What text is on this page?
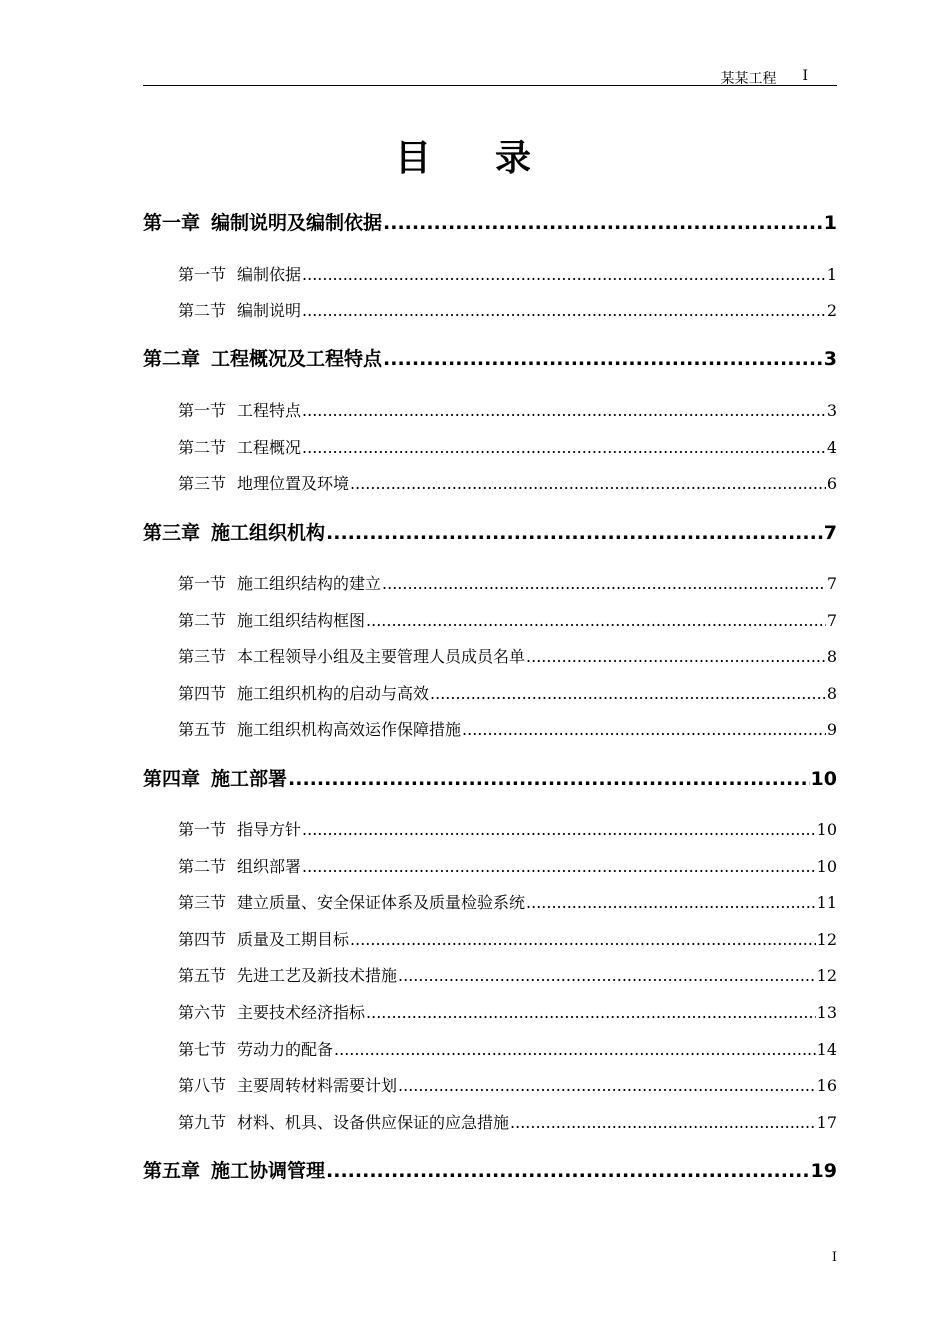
某某工程 I
目录
第一章 编制说明及编制依据 .....	1
第一节 编制依据 .....	1
第二节 编制说明 .....	2
第二章 工程概况及工程特点 .....	3
第一节 工程特点 .....	3
第二节 工程概况 .....	4
第三节 地理位置及环境 .....	6
第三章 施工组织机构 .....	7
第一节 施工组织结构的建立 .....	7
第二节 施工组织结构框图 .....	7
第三节 本工程领导小组及主要管理人员成员名单 .....	8
第四节 施工组织机构的启动与高效 .....	8
第五节 施工组织机构高效运作保障措施 .....	9
第四章 施工部署 .....	10
第一节 指导方针 .....	10
第二节 组织部署 .....	10
第三节 建立质量、安全保证体系及质量检验系统 .....	11
第四节 质量及工期目标 .....	12
第五节 先进工艺及新技术措施 .....	12
第六节 主要技术经济指标 .....	13
第七节 劳动力的配备 .....	14
第八节 主要周转材料需要计划 .....	16
第九节 材料、机具、设备供应保证的应急措施 .....	17
第五章 施工协调管理 .....	19
I
